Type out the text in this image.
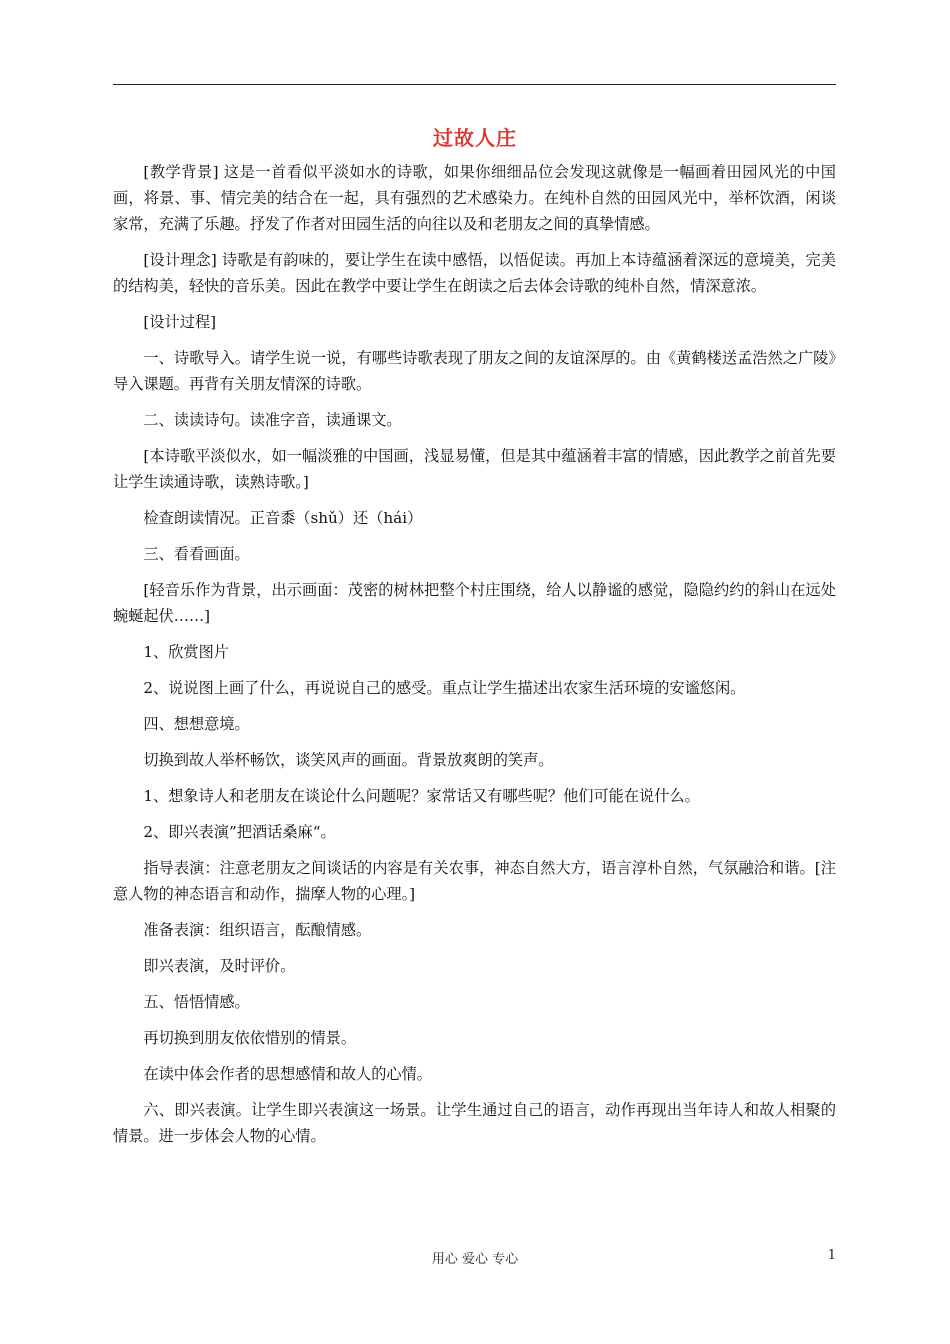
过故人庄

[教学背景] 这是一首看似平淡如水的诗歌，如果你细细品位会发现这就像是一幅画着田园风光的中国画，将景、事、情完美的结合在一起，具有强烈的艺术感染力。在纯朴自然的田园风光中，举杯饮酒，闲谈家常，充满了乐趣。抒发了作者对田园生活的向往以及和老朋友之间的真挚情感。

[设计理念] 诗歌是有韵味的，要让学生在读中感悟，以悟促读。再加上本诗蕴涵着深远的意境美，完美的结构美，轻快的音乐美。因此在教学中要让学生在朗读之后去体会诗歌的纯朴自然，情深意浓。

[设计过程]

一、诗歌导入。请学生说一说，有哪些诗歌表现了朋友之间的友谊深厚的。由《黄鹤楼送孟浩然之广陵》导入课题。再背有关朋友情深的诗歌。

二、读读诗句。读准字音，读通课文。

[本诗歌平淡似水，如一幅淡雅的中国画，浅显易懂，但是其中蕴涵着丰富的情感，因此教学之前首先要让学生读通诗歌，读熟诗歌。]

检查朗读情况。正音黍（shǔ）还（hái）

三、看看画面。

[轻音乐作为背景，出示画面：茂密的树林把整个村庄围绕，给人以静谧的感觉，隐隐约约的斜山在远处蜿蜒起伏……]

1、欣赏图片

2、说说图上画了什么，再说说自己的感受。重点让学生描述出农家生活环境的安谧悠闲。

四、想想意境。

切换到故人举杯畅饮，谈笑风声的画面。背景放爽朗的笑声。

1、想象诗人和老朋友在谈论什么问题呢？家常话又有哪些呢？他们可能在说什么。

2、即兴表演”把酒话桑麻“。

指导表演：注意老朋友之间谈话的内容是有关农事，神态自然大方，语言淳朴自然，气氛融洽和谐。[注意人物的神态语言和动作，揣摩人物的心理。]

准备表演：组织语言，酝酿情感。

即兴表演，及时评价。

五、悟悟情感。

再切换到朋友依依惜别的情景。

在读中体会作者的思想感情和故人的心情。

六、即兴表演。让学生即兴表演这一场景。让学生通过自己的语言，动作再现出当年诗人和故人相聚的情景。进一步体会人物的心情。

用心 爱心 专心	1
